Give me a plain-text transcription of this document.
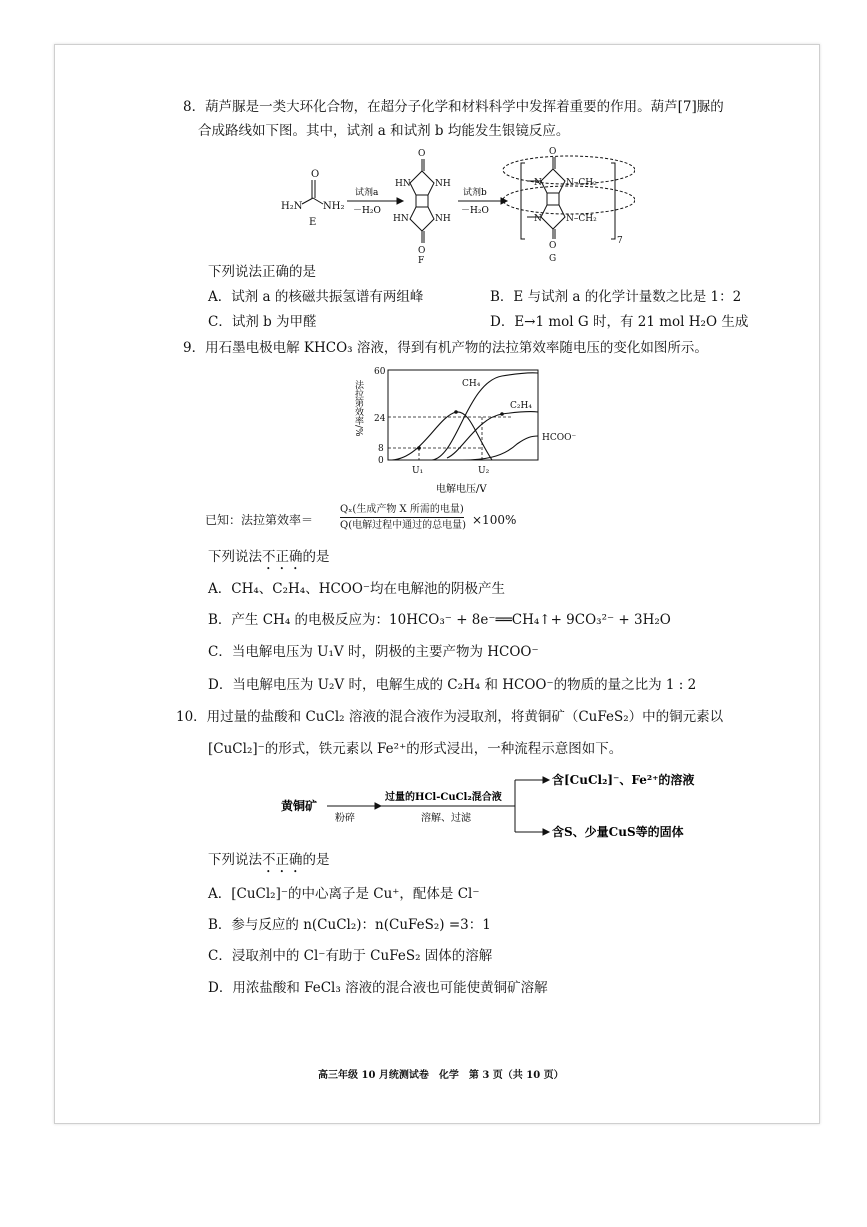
8．葫芦脲是一类大环化合物，在超分子化学和材料科学中发挥着重要的作用。葫芦[7]脲的
合成路线如下图。其中，试剂 a 和试剂 b 均能发生银镜反应。
H₂N NH₂
O
E
试剂a
－H₂O
O
HN	NH
HN	NH
O
F
试剂b
－H₂O
O
N	N–CH₂
N	N–CH₂
O
G
7
下列说法正确的是
A．试剂 a 的核磁共振氢谱有两组峰	B．E 与试剂 a 的化学计量数之比是 1：2
C．试剂 b 为甲醛	D．E→1 mol G 时，有 21 mol H₂O 生成
9．用石墨电极电解 KHCO₃ 溶液，得到有机产物的法拉第效率随电压的变化如图所示。
法拉第效率/%
60
24
8
0
U₁	U₂
CH₄
C₂H₄
HCOO⁻
电解电压/V
已知：法拉第效率＝
Qₓ(生成产物 X 所需的电量)
Q(电解过程中通过的总电量) ×100%
下列说法不正确的是
A．CH₄、C₂H₄、HCOO⁻均在电解池的阴极产生
B．产生 CH₄ 的电极反应为：10HCO₃⁻ + 8e⁻══CH₄↑+ 9CO₃²⁻ + 3H₂O
C．当电解电压为 U₁V 时，阴极的主要产物为 HCOO⁻
D．当电解电压为 U₂V 时，电解生成的 C₂H₄ 和 HCOO⁻的物质的量之比为 1 : 2
10．用过量的盐酸和 CuCl₂ 溶液的混合液作为浸取剂，将黄铜矿（CuFeS₂）中的铜元素以
[CuCl₂]⁻的形式，铁元素以 Fe²⁺的形式浸出，一种流程示意图如下。
黄铜矿
粉碎
过量的HCl-CuCl₂混合液
溶解、过滤
含[CuCl₂]⁻、Fe²⁺的溶液
含S、少量CuS等的固体
下列说法不正确的是
A．[CuCl₂]⁻的中心离子是 Cu⁺，配体是 Cl⁻
B．参与反应的 n(CuCl₂)：n(CuFeS₂) =3：1
C．浸取剂中的 Cl⁻有助于 CuFeS₂ 固体的溶解
D．用浓盐酸和 FeCl₃ 溶液的混合液也可能使黄铜矿溶解
高三年级 10 月统测试卷　化学　第 3 页（共 10 页）
